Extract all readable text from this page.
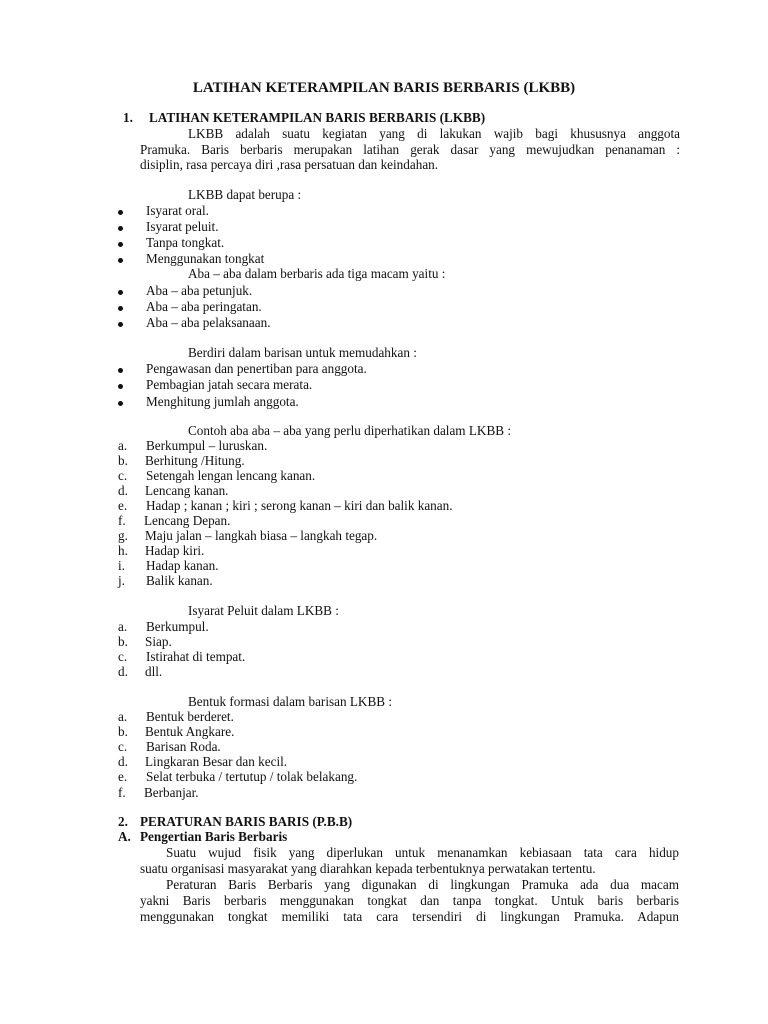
LATIHAN KETERAMPILAN BARIS BERBARIS (LKBB)
1. LATIHAN KETERAMPILAN BARIS BERBARIS (LKBB)
LKBB adalah suatu kegiatan yang di lakukan wajib bagi khususnya anggota
Pramuka. Baris berbaris merupakan latihan gerak dasar yang mewujudkan penanaman :
disiplin, rasa percaya diri ,rasa persatuan dan keindahan.
LKBB dapat berupa :
Isyarat oral.
Isyarat peluit.
Tanpa tongkat.
Menggunakan tongkat
Aba – aba dalam berbaris ada tiga macam yaitu :
Aba – aba petunjuk.
Aba – aba peringatan.
Aba – aba pelaksanaan.
Berdiri dalam barisan untuk memudahkan :
Pengawasan dan penertiban para anggota.
Pembagian jatah secara merata.
Menghitung jumlah anggota.
Contoh aba aba – aba yang perlu diperhatikan dalam LKBB :
a. Berkumpul – luruskan.
b. Berhitung /Hitung.
c. Setengah lengan lencang kanan.
d. Lencang kanan.
e. Hadap ; kanan ; kiri ; serong kanan – kiri dan balik kanan.
f. Lencang Depan.
g. Maju jalan – langkah biasa – langkah tegap.
h. Hadap kiri.
i. Hadap kanan.
j. Balik kanan.
Isyarat Peluit dalam LKBB :
a. Berkumpul.
b. Siap.
c. Istirahat di tempat.
d. dll.
Bentuk formasi dalam barisan LKBB :
a. Bentuk berderet.
b. Bentuk Angkare.
c. Barisan Roda.
d. Lingkaran Besar dan kecil.
e. Selat terbuka / tertutup / tolak belakang.
f. Berbanjar.
2. PERATURAN BARIS BARIS (P.B.B)
A. Pengertian Baris Berbaris
Suatu wujud fisik yang diperlukan untuk menanamkan kebiasaan tata cara hidup
suatu organisasi masyarakat yang diarahkan kepada terbentuknya perwatakan tertentu.
Peraturan Baris Berbaris yang digunakan di lingkungan Pramuka ada dua macam
yakni Baris berbaris menggunakan tongkat dan tanpa tongkat. Untuk baris berbaris
menggunakan tongkat memiliki tata cara tersendiri di lingkungan Pramuka. Adapun
